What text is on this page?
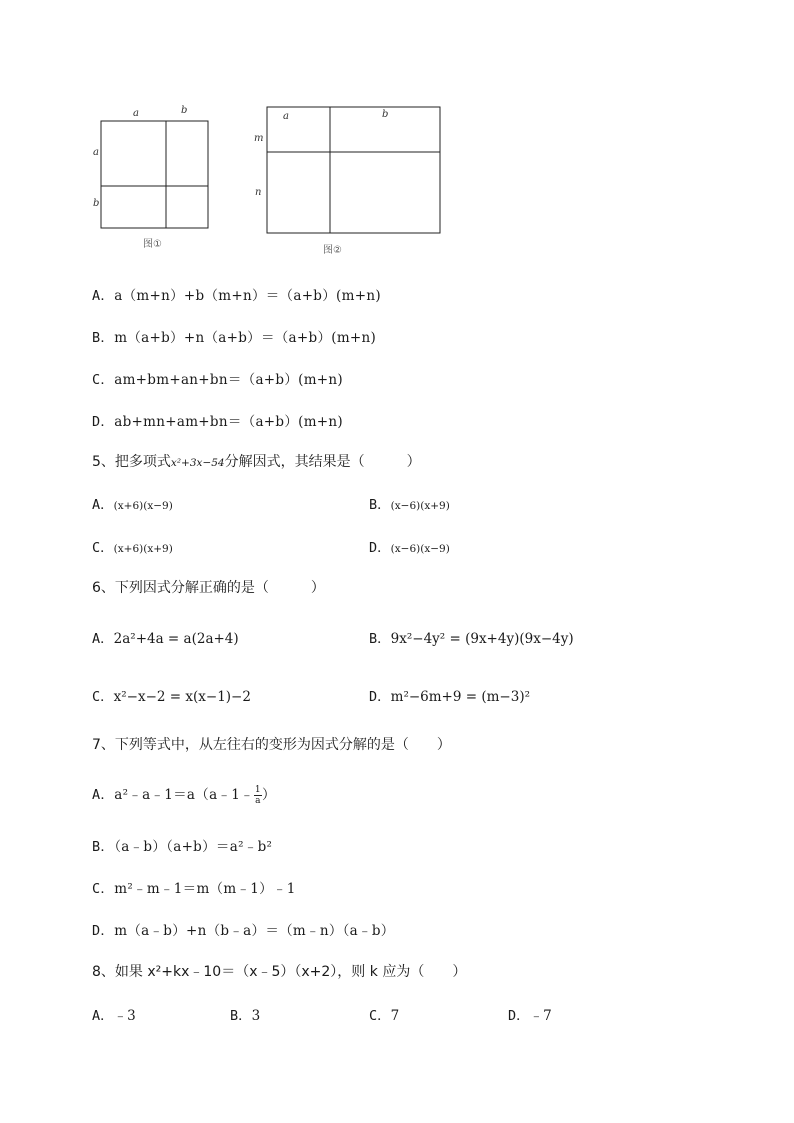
a	b
a
b
图①
a	b
m
n
图②
A．a（m+n）+b（m+n）＝（a+b）(m+n)
B．m（a+b）+n（a+b）＝（a+b）(m+n)
C．am+bm+an+bn＝（a+b）(m+n)
D．ab+mn+am+bn＝（a+b）(m+n)
5、把多项式x²+3x−54分解因式，其结果是（　　　）
A．(x+6)(x−9)	B．(x−6)(x+9)
C．(x+6)(x+9)	D．(x−6)(x−9)
6、下列因式分解正确的是（　　　）
A．2a²+4a = a(2a+4)	B．9x²−4y² = (9x+4y)(9x−4y)
C．x²−x−2 = x(x−1)−2	D．m²−6m+9 = (m−3)²
7、下列等式中，从左往右的变形为因式分解的是（　　）
A．a²﹣a﹣1＝a（a﹣1﹣ $\frac{1}{a}$ ）
B．（a﹣b）（a+b）＝a²﹣b²
C．m²﹣m﹣1＝m（m﹣1）﹣1
D．m（a﹣b）+n（b﹣a）＝（m﹣n）（a﹣b）
8、如果 x²+kx﹣10＝（x﹣5）（x+2），则 k 应为（　　）
A．﹣3	B．3	C．7	D．﹣7
